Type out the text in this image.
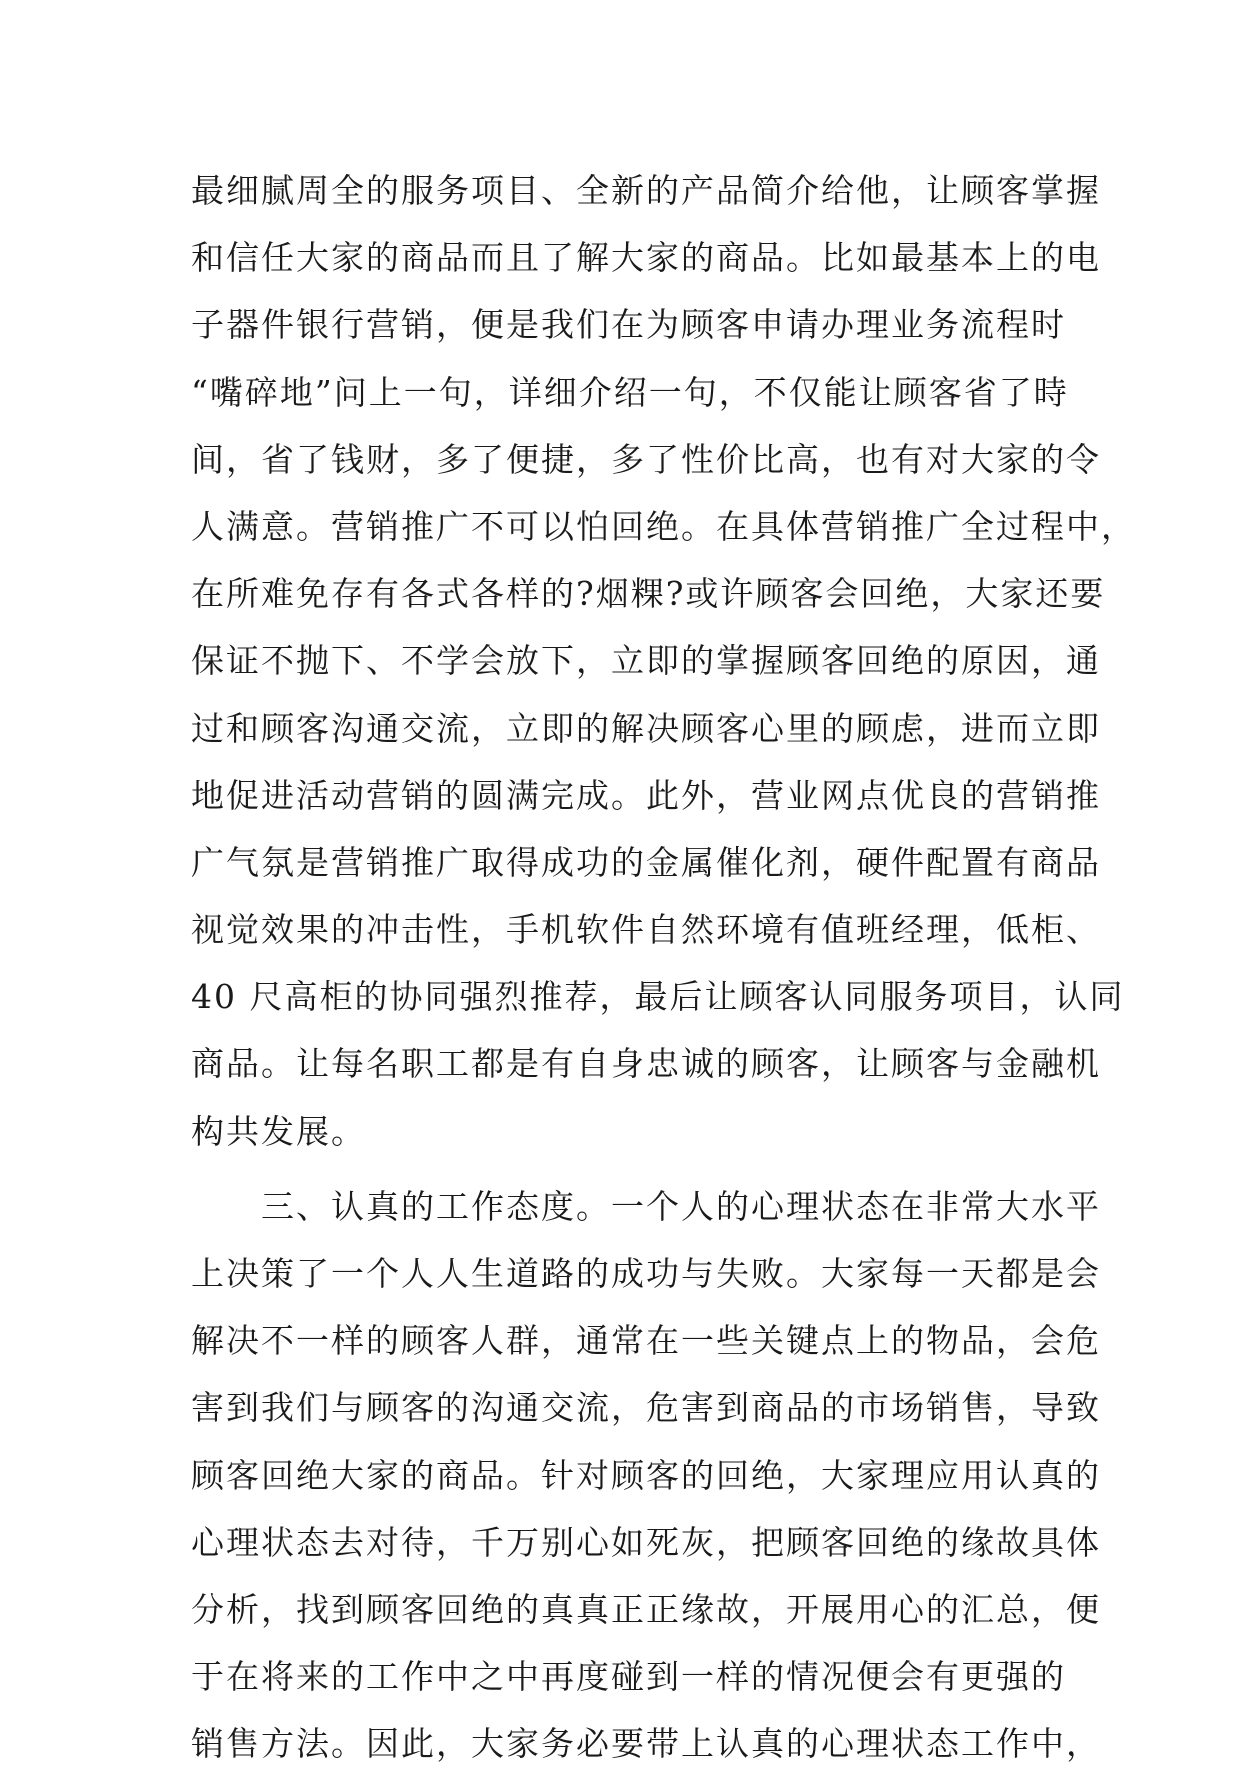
最细腻周全的服务项目、全新的产品简介给他，让顾客掌握
和信任大家的商品而且了解大家的商品。比如最基本上的电
子器件银行营销，便是我们在为顾客申请办理业务流程时
“嘴碎地”问上一句，详细介绍一句，不仅能让顾客省了時
间，省了钱财，多了便捷，多了性价比高，也有对大家的令
人满意。营销推广不可以怕回绝。在具体营销推广全过程中，
在所难免存有各式各样的?烟粿?或许顾客会回绝，大家还要
保证不抛下、不学会放下，立即的掌握顾客回绝的原因，通
过和顾客沟通交流，立即的解决顾客心里的顾虑，进而立即
地促进活动营销的圆满完成。此外，营业网点优良的营销推
广气氛是营销推广取得成功的金属催化剂，硬件配置有商品
视觉效果的冲击性，手机软件自然环境有值班经理，低柜、
40 尺高柜的协同强烈推荐，最后让顾客认同服务项目，认同
商品。让每名职工都是有自身忠诚的顾客，让顾客与金融机
构共发展。
三、认真的工作态度。一个人的心理状态在非常大水平
上决策了一个人人生道路的成功与失败。大家每一天都是会
解决不一样的顾客人群，通常在一些关键点上的物品，会危
害到我们与顾客的沟通交流，危害到商品的市场销售，导致
顾客回绝大家的商品。针对顾客的回绝，大家理应用认真的
心理状态去对待，千万别心如死灰，把顾客回绝的缘故具体
分析，找到顾客回绝的真真正正缘故，开展用心的汇总，便
于在将来的工作中之中再度碰到一样的情况便会有更强的
销售方法。因此，大家务必要带上认真的心理状态工作中，
